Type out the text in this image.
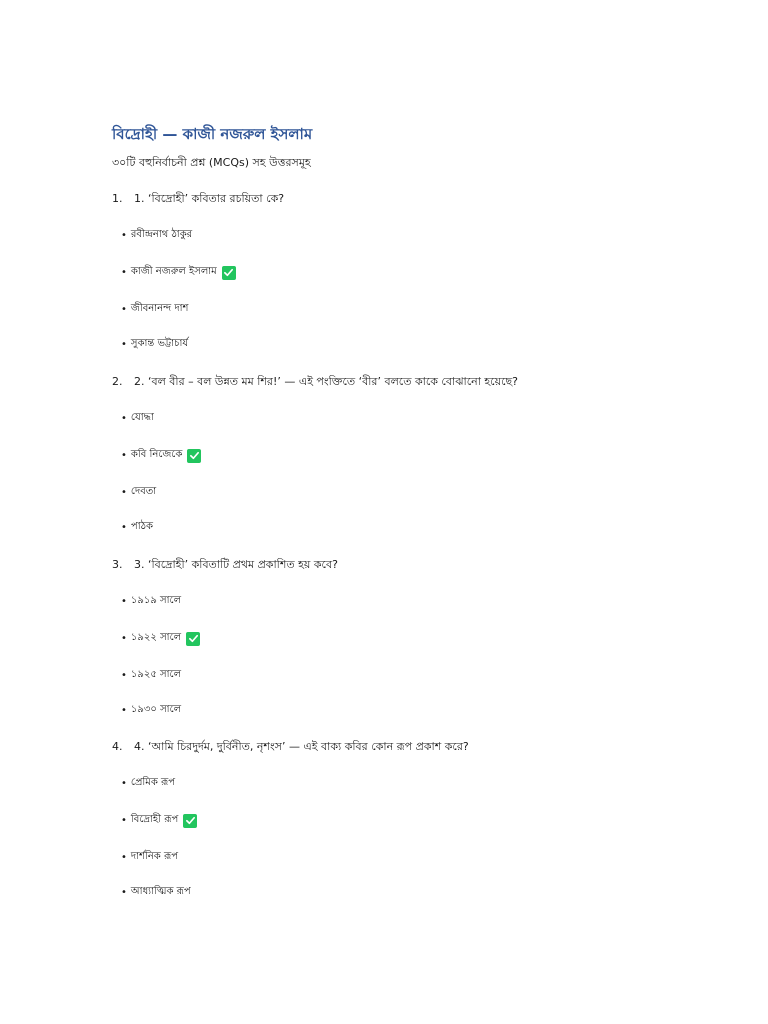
বিদ্রোহী — কাজী নজরুল ইসলাম
৩০টি বহুনির্বাচনী প্রশ্ন (MCQs) সহ উত্তরসমূহ
1. 1. ‘বিদ্রোহী’ কবিতার রচয়িতা কে?
• রবীন্দ্রনাথ ঠাকুর
• কাজী নজরুল ইসলাম
• জীবনানন্দ দাশ
• সুকান্ত ভট্টাচার্য
2. 2. ‘বল বীর – বল উন্নত মম শির!’ — এই পংক্তিতে ‘বীর’ বলতে কাকে বোঝানো হয়েছে?
• যোদ্ধা
• কবি নিজেকে
• দেবতা
• পাঠক
3. 3. ‘বিদ্রোহী’ কবিতাটি প্রথম প্রকাশিত হয় কবে?
• ১৯১৯ সালে
• ১৯২২ সালে
• ১৯২৫ সালে
• ১৯৩০ সালে
4. 4. ‘আমি চিরদুর্দম, দুর্বিনীত, নৃশংস’ — এই বাক্য কবির কোন রূপ প্রকাশ করে?
• প্রেমিক রূপ
• বিদ্রোহী রূপ
• দার্শনিক রূপ
• আধ্যাত্মিক রূপ
